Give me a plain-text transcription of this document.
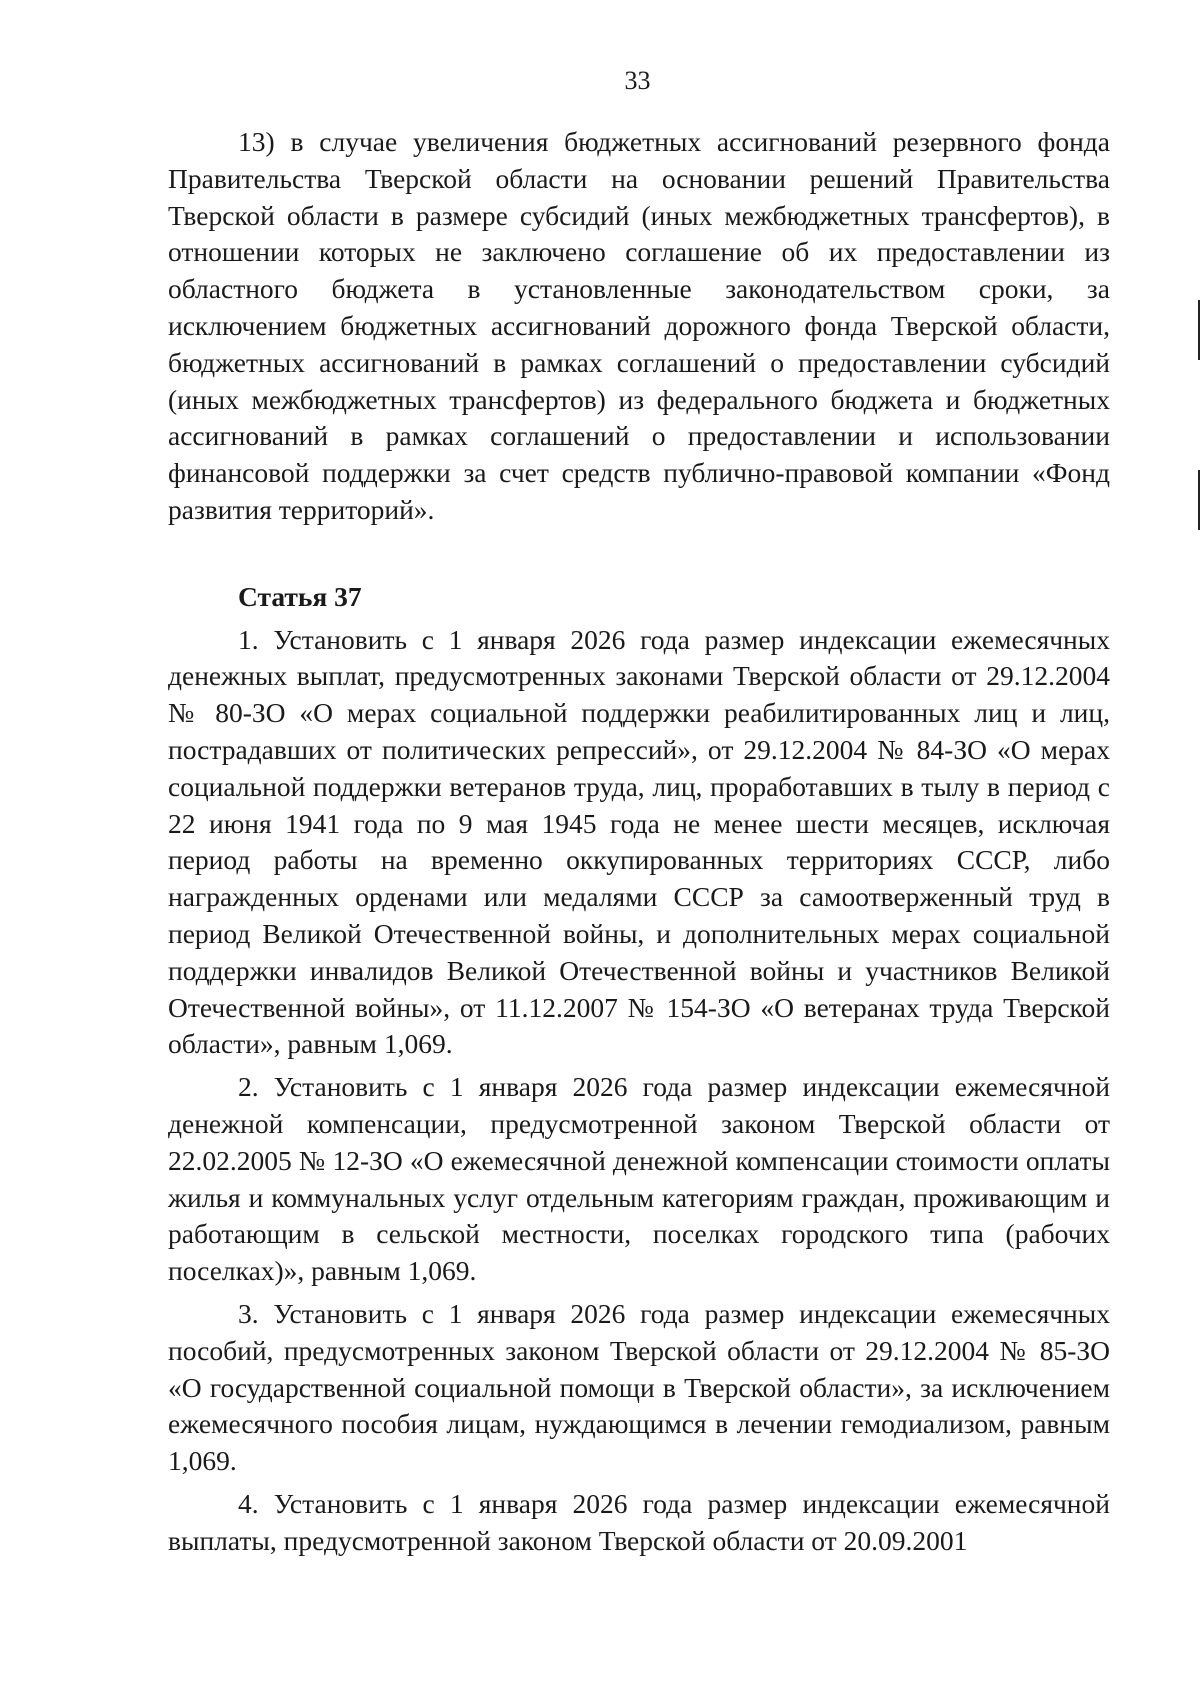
33

13) в случае увеличения бюджетных ассигнований резервного фонда Правительства Тверской области на основании решений Правительства Тверской области в размере субсидий (иных межбюджетных трансфертов), в отношении которых не заключено соглашение об их предоставлении из областного бюджета в установленные законодательством сроки, за исключением бюджетных ассигнований дорожного фонда Тверской области, бюджетных ассигнований в рамках соглашений о предоставлении субсидий (иных межбюджетных трансфертов) из федерального бюджета и бюджетных ассигнований в рамках соглашений о предоставлении и использовании финансовой поддержки за счет средств публично-правовой компании «Фонд развития территорий».

Статья 37

1. Установить с 1 января 2026 года размер индексации ежемесячных денежных выплат, предусмотренных законами Тверской области от 29.12.2004 № 80-ЗО «О мерах социальной поддержки реабилитированных лиц и лиц, пострадавших от политических репрессий», от 29.12.2004 № 84-ЗО «О мерах социальной поддержки ветеранов труда, лиц, проработавших в тылу в период с 22 июня 1941 года по 9 мая 1945 года не менее шести месяцев, исключая период работы на временно оккупированных территориях СССР, либо награжденных орденами или медалями СССР за самоотверженный труд в период Великой Отечественной войны, и дополнительных мерах социальной поддержки инвалидов Великой Отечественной войны и участников Великой Отечественной войны», от 11.12.2007 № 154-ЗО «О ветеранах труда Тверской области», равным 1,069.

2. Установить с 1 января 2026 года размер индексации ежемесячной денежной компенсации, предусмотренной законом Тверской области от 22.02.2005 № 12-ЗО «О ежемесячной денежной компенсации стоимости оплаты жилья и коммунальных услуг отдельным категориям граждан, проживающим и работающим в сельской местности, поселках городского типа (рабочих поселках)», равным 1,069.

3. Установить с 1 января 2026 года размер индексации ежемесячных пособий, предусмотренных законом Тверской области от 29.12.2004 № 85-ЗО «О государственной социальной помощи в Тверской области», за исключением ежемесячного пособия лицам, нуждающимся в лечении гемодиализом, равным 1,069.

4. Установить с 1 января 2026 года размер индексации ежемесячной выплаты, предусмотренной законом Тверской области от 20.09.2001
